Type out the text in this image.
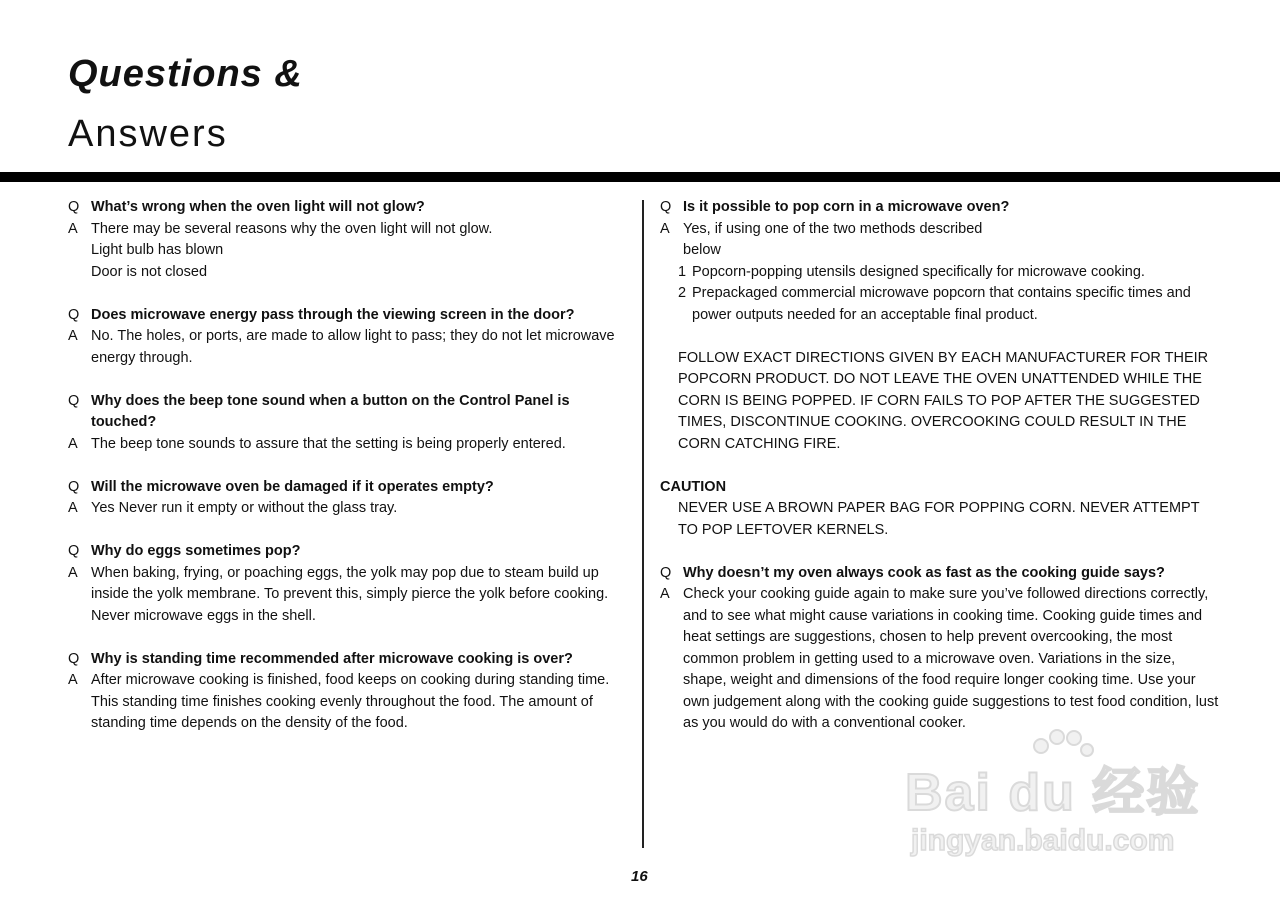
Questions &
Answers
Q What’s wrong when the oven light will not glow?
A There may be several reasons why the oven light will not glow.
Light bulb has blown
Door is not closed
Q Does microwave energy pass through the viewing screen in the door?
A No. The holes, or ports, are made to allow light to pass; they do not let microwave energy through.
Q Why does the beep tone sound when a button on the Control Panel is touched?
A The beep tone sounds to assure that the setting is being properly entered.
Q Will the microwave oven be damaged if it operates empty?
A Yes Never run it empty or without the glass tray.
Q Why do eggs sometimes pop?
A When baking, frying, or poaching eggs, the yolk may pop due to steam build up inside the yolk membrane. To prevent this, simply pierce the yolk before cooking. Never microwave eggs in the shell.
Q Why is standing time recommended after microwave cooking is over?
A After microwave cooking is finished, food keeps on cooking during standing time. This standing time finishes cooking evenly throughout the food. The amount of standing time depends on the density of the food.
Q Is it possible to pop corn in a microwave oven?
A Yes, if using one of the two methods described
below
1 Popcorn-popping utensils designed specifically for microwave cooking.
2 Prepackaged commercial microwave popcorn that contains specific times and power outputs needed for an acceptable final product.
FOLLOW EXACT DIRECTIONS GIVEN BY EACH MANUFACTURER FOR THEIR POPCORN PRODUCT. DO NOT LEAVE THE OVEN UNATTENDED WHILE THE CORN IS BEING POPPED. IF CORN FAILS TO POP AFTER THE SUGGESTED TIMES, DISCONTINUE COOKING. OVERCOOKING COULD RESULT IN THE CORN CATCHING FIRE.
CAUTION
NEVER USE A BROWN PAPER BAG FOR POPPING CORN. NEVER ATTEMPT TO POP LEFTOVER KERNELS.
Q Why doesn’t my oven always cook as fast as the cooking guide says?
A Check your cooking guide again to make sure you’ve followed directions correctly, and to see what might cause variations in cooking time. Cooking guide times and heat settings are suggestions, chosen to help prevent overcooking, the most common problem in getting used to a microwave oven. Variations in the size, shape, weight and dimensions of the food require longer cooking time. Use your own judgement along with the cooking guide suggestions to test food condition, lust as you would do with a conventional cooker.
16
Bai du 经验
jingyan.baidu.com
